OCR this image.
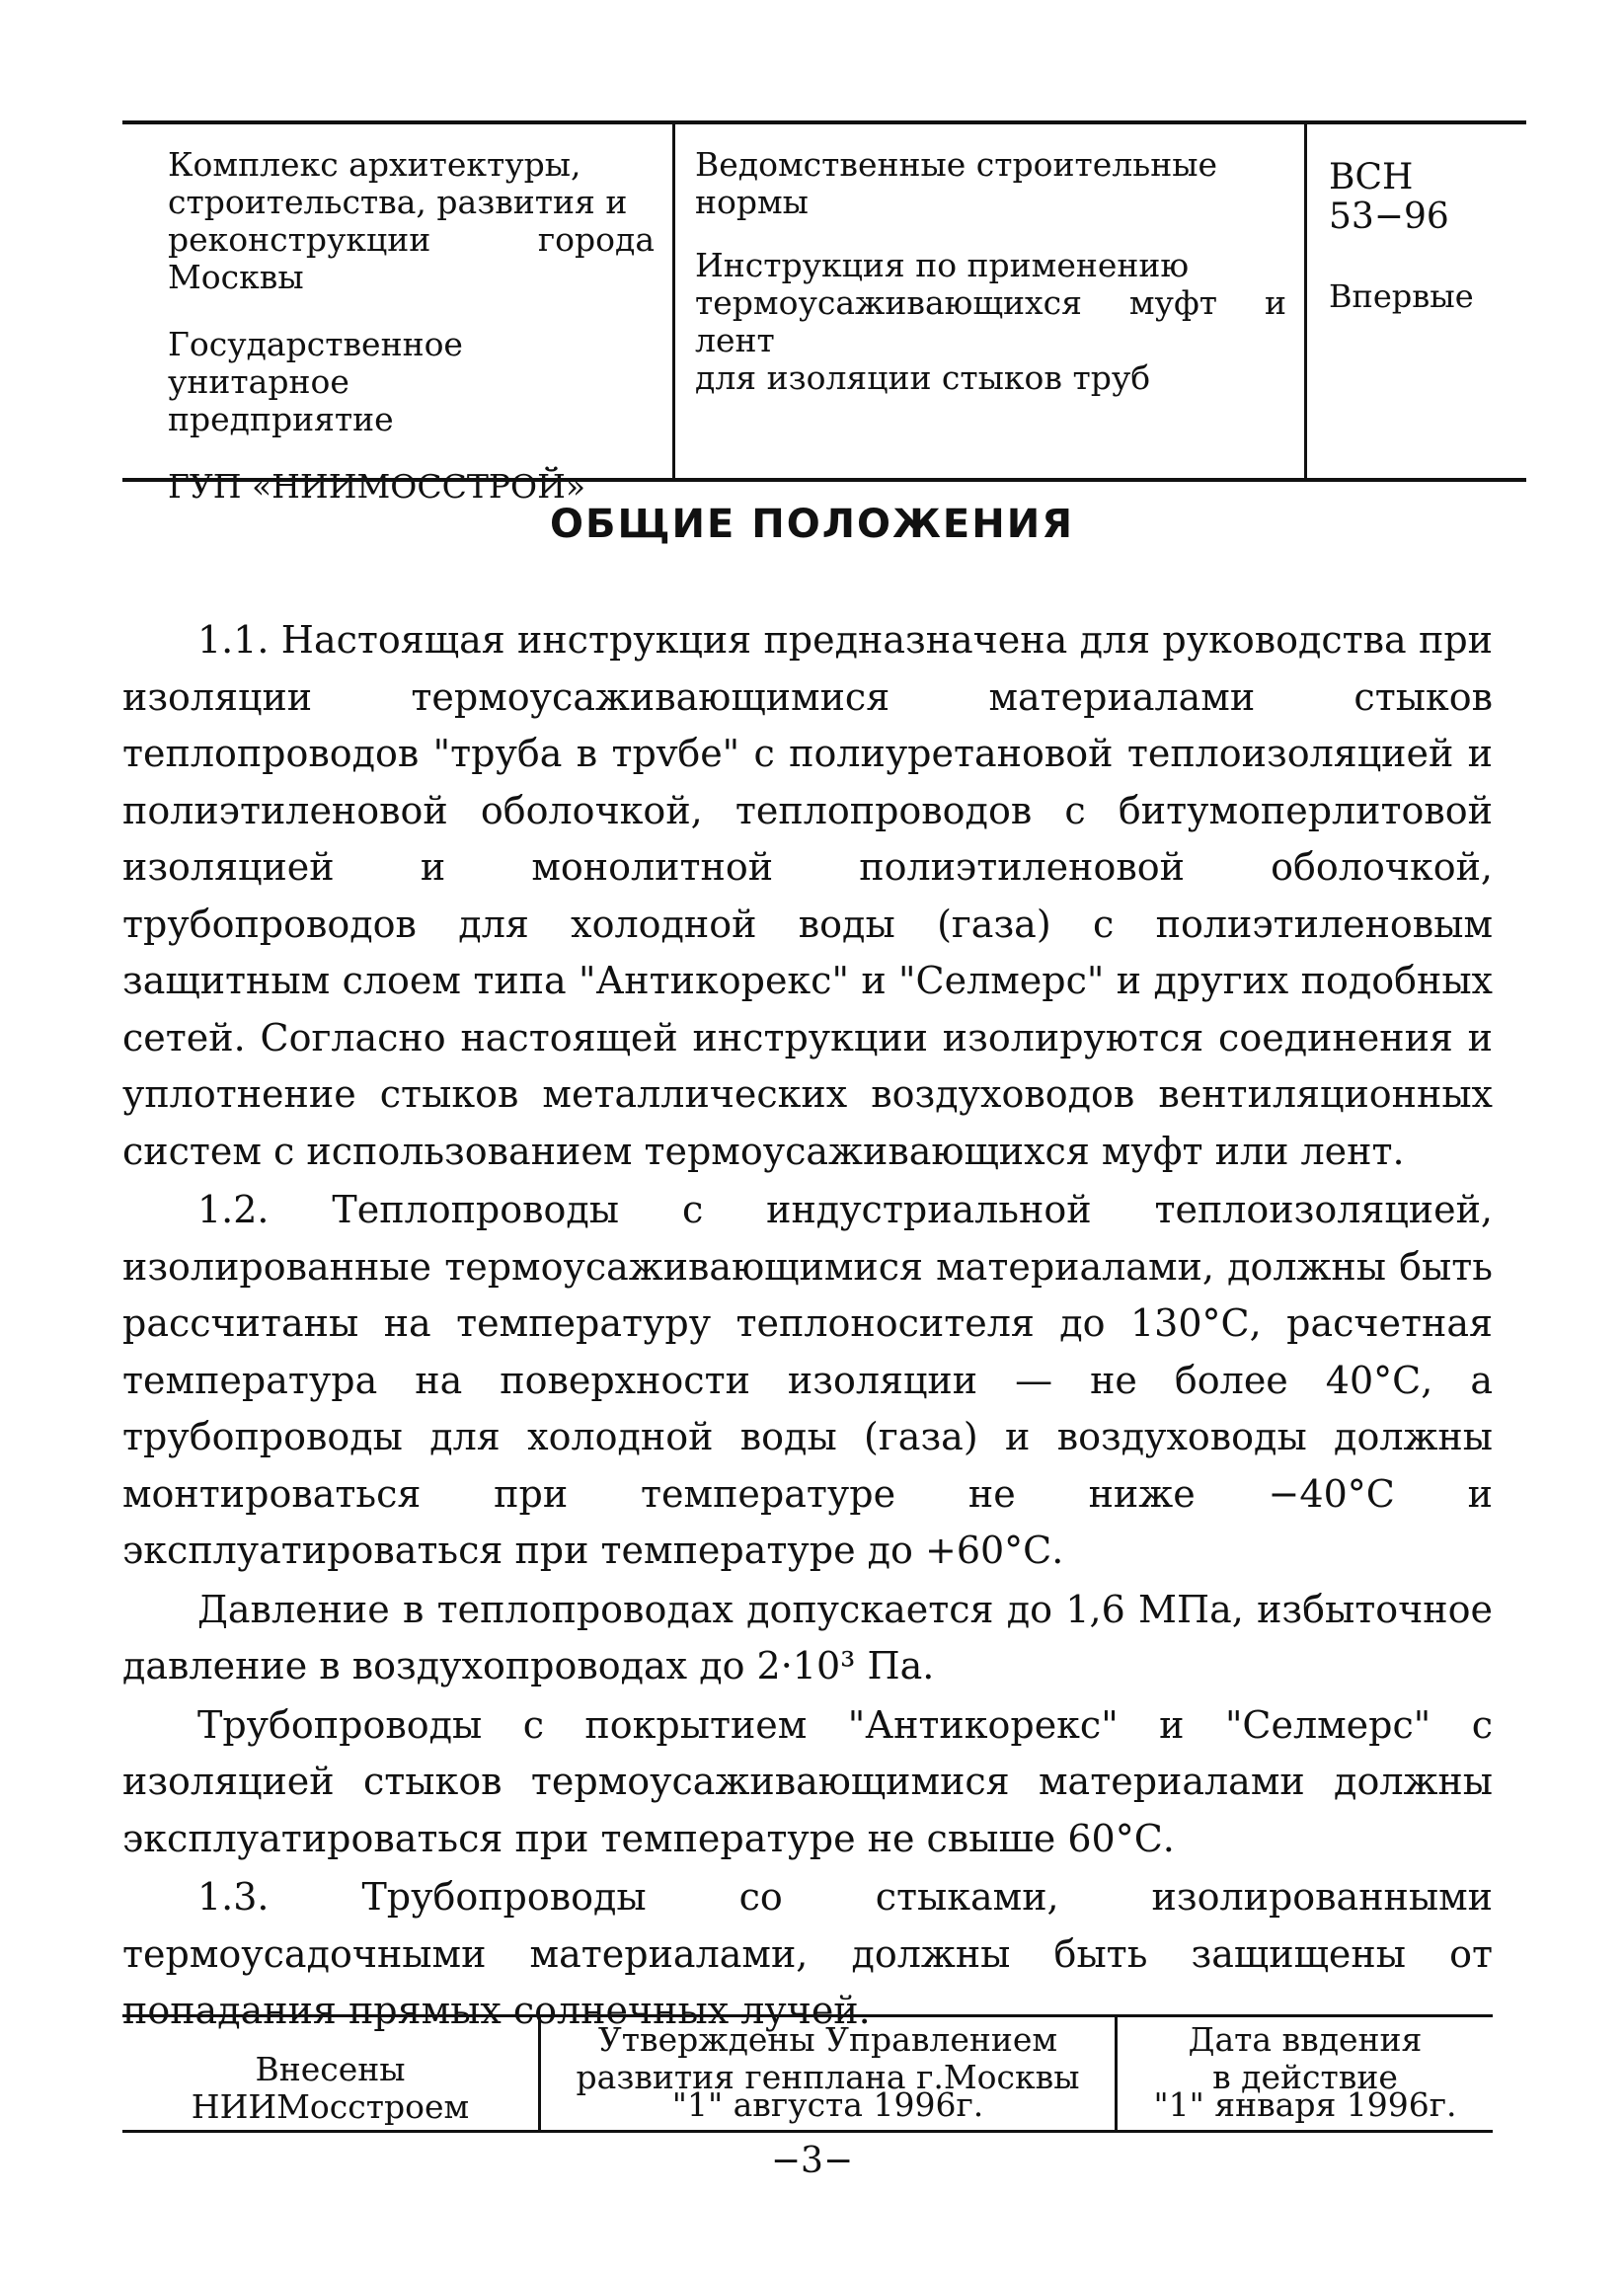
Комплекс архитектуры,
строительства, развития и
реконструкции города Москвы

Государственное унитарное
предприятие

ГУП «НИИМОССТРОЙ»

Ведомственные строительные
нормы

Инструкция по применению
термоусаживающихся муфт и лент
для изоляции стыков труб

ВСН 53−96

Впервые

ОБЩИЕ ПОЛОЖЕНИЯ

1.1. Настоящая инструкция предназначена для руководства при изоляции термоусаживающимися материалами стыков теплопроводов "труба в трvбе" с полиуретановой теплоизоляцией и полиэтиленовой оболочкой, теплопроводов с битумоперлитовой изоляцией и монолитной полиэтиленовой оболочкой, трубопроводов для холодной воды (газа) с полиэтиленовым защитным слоем типа "Антикорекс" и "Селмерс" и других подобных сетей. Согласно настоящей инструкции изолируются соединения и уплотнение стыков металлических воздуховодов вентиляционных систем с использованием термоусаживающихся муфт или лент.

1.2. Теплопроводы с индустриальной теплоизоляцией, изолированные термоусаживающимися материалами, должны быть рассчитаны на температуру теплоносителя до 130°С, расчетная температура на поверхности изоляции — не более 40°С, а трубопроводы для холодной воды (газа) и воздуховоды должны монтироваться при температуре не ниже −40°С и эксплуатироваться при температуре до +60°С.

Давление в теплопроводах допускается до 1,6 МПа, избыточное давление в воздухопроводах до 2·10³ Па.

Трубопроводы с покрытием "Антикорекс" и "Селмерс" с изоляцией стыков термоусаживающимися материалами должны эксплуатироваться при температуре не свыше 60°С.

1.3. Трубопроводы со стыками, изолированными термоусадочными материалами, должны быть защищены от попадания прямых солнечных лучей.

Внесены
НИИМосстроем
Утверждены Управлением
развития генплана г.Москвы
"1" августа 1996г.
Дата ввдения
в действие
"1" января 1996г.
−3−
